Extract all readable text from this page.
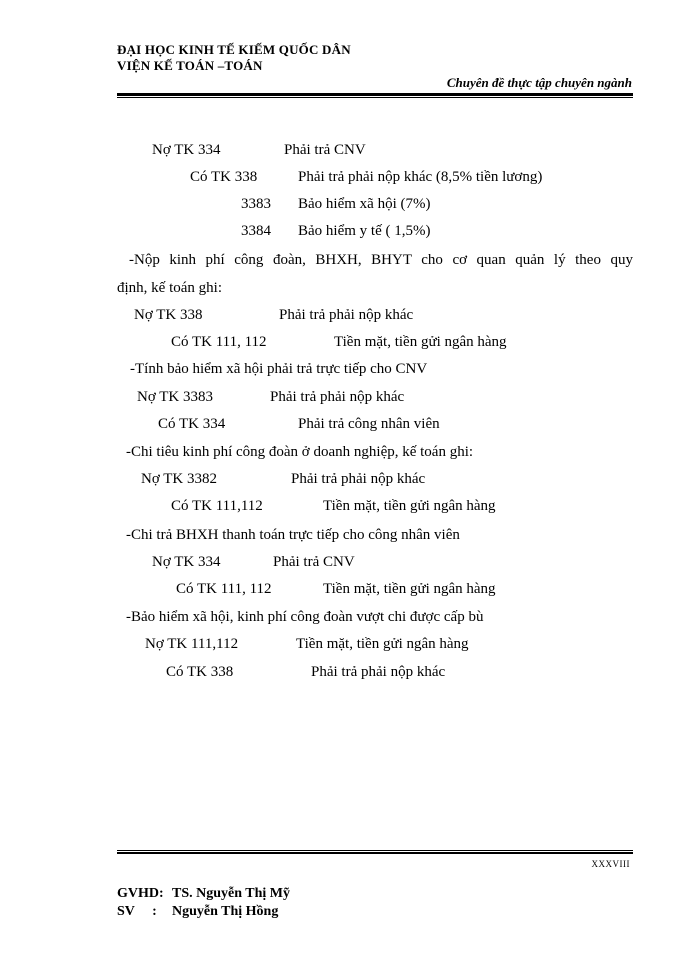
ĐẠI HỌC KINH TẾ KIẾM QUỐC DÂN
VIỆN KẾ TOÁN –TOÁN
Chuyên đề thực tập chuyên ngành
Nợ TK 334	Phải trả CNV
Có TK 338	Phải trả phải nộp khác (8,5% tiền lương)
3383 Bảo hiểm xã hội (7%)
3384 Bảo hiểm y tế ( 1,5%)
-Nộp kinh phí công đoàn, BHXH, BHYT cho cơ quan quản lý theo quy
định, kế toán ghi:
Nợ TK 338	Phải trả phải nộp khác
Có TK 111, 112	Tiền mặt, tiền gửi ngân hàng
-Tính bảo hiểm xã hội phải trả trực tiếp cho CNV
Nợ TK 3383	Phải trả phải nộp khác
Có TK 334	Phải trả công nhân viên
-Chi tiêu kinh phí công đoàn ở doanh nghiệp, kế toán ghi:
Nợ TK 3382	Phải trả phải nộp khác
Có TK 111,112	Tiền mặt, tiền gửi ngân hàng
-Chi trả BHXH thanh toán trực tiếp cho công nhân viên
Nợ TK 334	Phải trả CNV
Có TK 111, 112	Tiền mặt, tiền gửi ngân hàng
-Bảo hiểm xã hội, kinh phí công đoàn vượt chi được cấp bù
Nợ TK 111,112	Tiền mặt, tiền gửi ngân hàng
Có TK 338	Phải trả phải nộp khác
XXXVIII
GVHD: TS. Nguyễn Thị Mỹ
SV     : Nguyễn Thị Hồng
